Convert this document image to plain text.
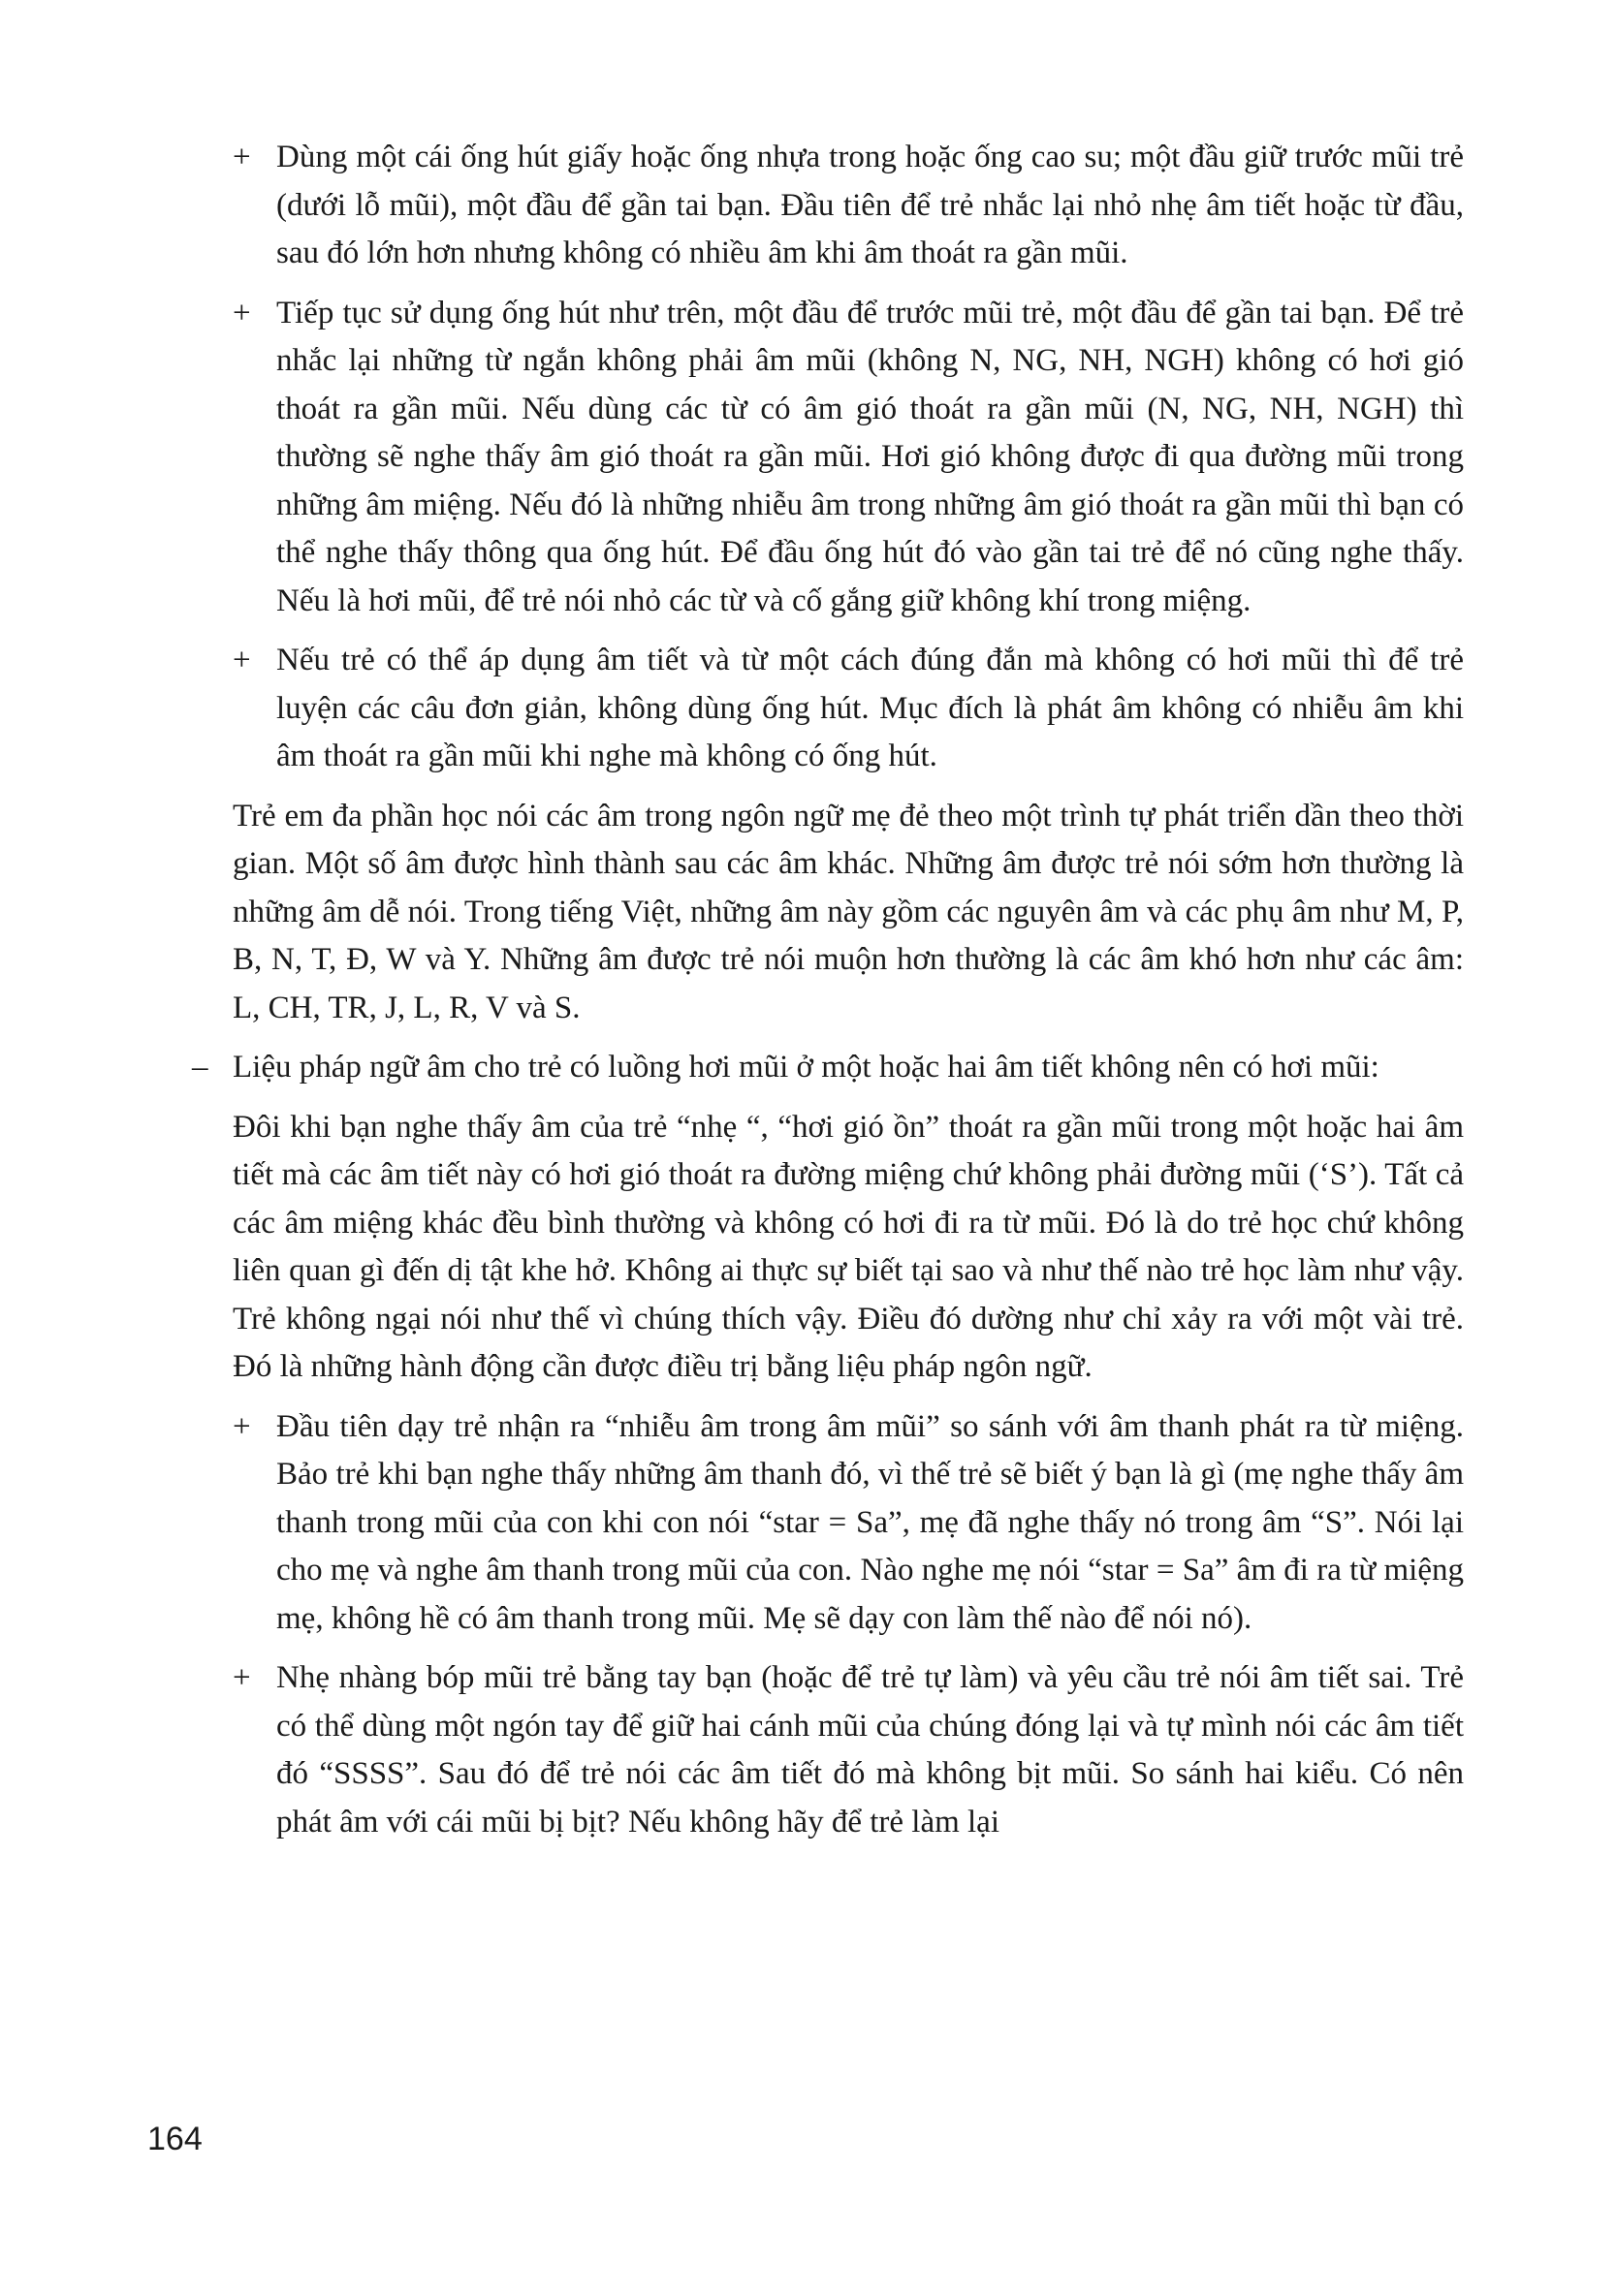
+ Dùng một cái ống hút giấy hoặc ống nhựa trong hoặc ống cao su; một đầu giữ trước mũi trẻ (dưới lỗ mũi), một đầu để gần tai bạn. Đầu tiên để trẻ nhắc lại nhỏ nhẹ âm tiết hoặc từ đầu, sau đó lớn hơn nhưng không có nhiều âm khi âm thoát ra gần mũi.
+ Tiếp tục sử dụng ống hút như trên, một đầu để trước mũi trẻ, một đầu để gần tai bạn. Để trẻ nhắc lại những từ ngắn không phải âm mũi (không N, NG, NH, NGH) không có hơi gió thoát ra gần mũi. Nếu dùng các từ có âm gió thoát ra gần mũi (N, NG, NH, NGH) thì thường sẽ nghe thấy âm gió thoát ra gần mũi. Hơi gió không được đi qua đường mũi trong những âm miệng. Nếu đó là những nhiễu âm trong những âm gió thoát ra gần mũi thì bạn có thể nghe thấy thông qua ống hút. Để đầu ống hút đó vào gần tai trẻ để nó cũng nghe thấy. Nếu là hơi mũi, để trẻ nói nhỏ các từ và cố gắng giữ không khí trong miệng.
+ Nếu trẻ có thể áp dụng âm tiết và từ một cách đúng đắn mà không có hơi mũi thì để trẻ luyện các câu đơn giản, không dùng ống hút. Mục đích là phát âm không có nhiễu âm khi âm thoát ra gần mũi khi nghe mà không có ống hút.
Trẻ em đa phần học nói các âm trong ngôn ngữ mẹ đẻ theo một trình tự phát triển dần theo thời gian. Một số âm được hình thành sau các âm khác. Những âm được trẻ nói sớm hơn thường là những âm dễ nói. Trong tiếng Việt, những âm này gồm các nguyên âm và các phụ âm như M, P, B, N, T, Đ, W và Y. Những âm được trẻ nói muộn hơn thường là các âm khó hơn như các âm: L, CH, TR, J, L, R, V và S.
– Liệu pháp ngữ âm cho trẻ có luồng hơi mũi ở một hoặc hai âm tiết không nên có hơi mũi:
Đôi khi bạn nghe thấy âm của trẻ “nhẹ “, “hơi gió ồn” thoát ra gần mũi trong một hoặc hai âm tiết mà các âm tiết này có hơi gió thoát ra đường miệng chứ không phải đường mũi (‘S’). Tất cả các âm miệng khác đều bình thường và không có hơi đi ra từ mũi. Đó là do trẻ học chứ không liên quan gì đến dị tật khe hở. Không ai thực sự biết tại sao và như thế nào trẻ học làm như vậy. Trẻ không ngại nói như thế vì chúng thích vậy. Điều đó dường như chỉ xảy ra với một vài trẻ. Đó là những hành động cần được điều trị bằng liệu pháp ngôn ngữ.
+ Đầu tiên dạy trẻ nhận ra “nhiễu âm trong âm mũi” so sánh với âm thanh phát ra từ miệng. Bảo trẻ khi bạn nghe thấy những âm thanh đó, vì thế trẻ sẽ biết ý bạn là gì (mẹ nghe thấy âm thanh trong mũi của con khi con nói “star = Sa”, mẹ đã nghe thấy nó trong âm “S”. Nói lại cho mẹ và nghe âm thanh trong mũi của con. Nào nghe mẹ nói “star = Sa” âm đi ra từ miệng mẹ, không hề có âm thanh trong mũi. Mẹ sẽ dạy con làm thế nào để nói nó).
+ Nhẹ nhàng bóp mũi trẻ bằng tay bạn (hoặc để trẻ tự làm) và yêu cầu trẻ nói âm tiết sai. Trẻ có thể dùng một ngón tay để giữ hai cánh mũi của chúng đóng lại và tự mình nói các âm tiết đó “SSSS”. Sau đó để trẻ nói các âm tiết đó mà không bịt mũi. So sánh hai kiểu. Có nên phát âm với cái mũi bị bịt? Nếu không hãy để trẻ làm lại
164
